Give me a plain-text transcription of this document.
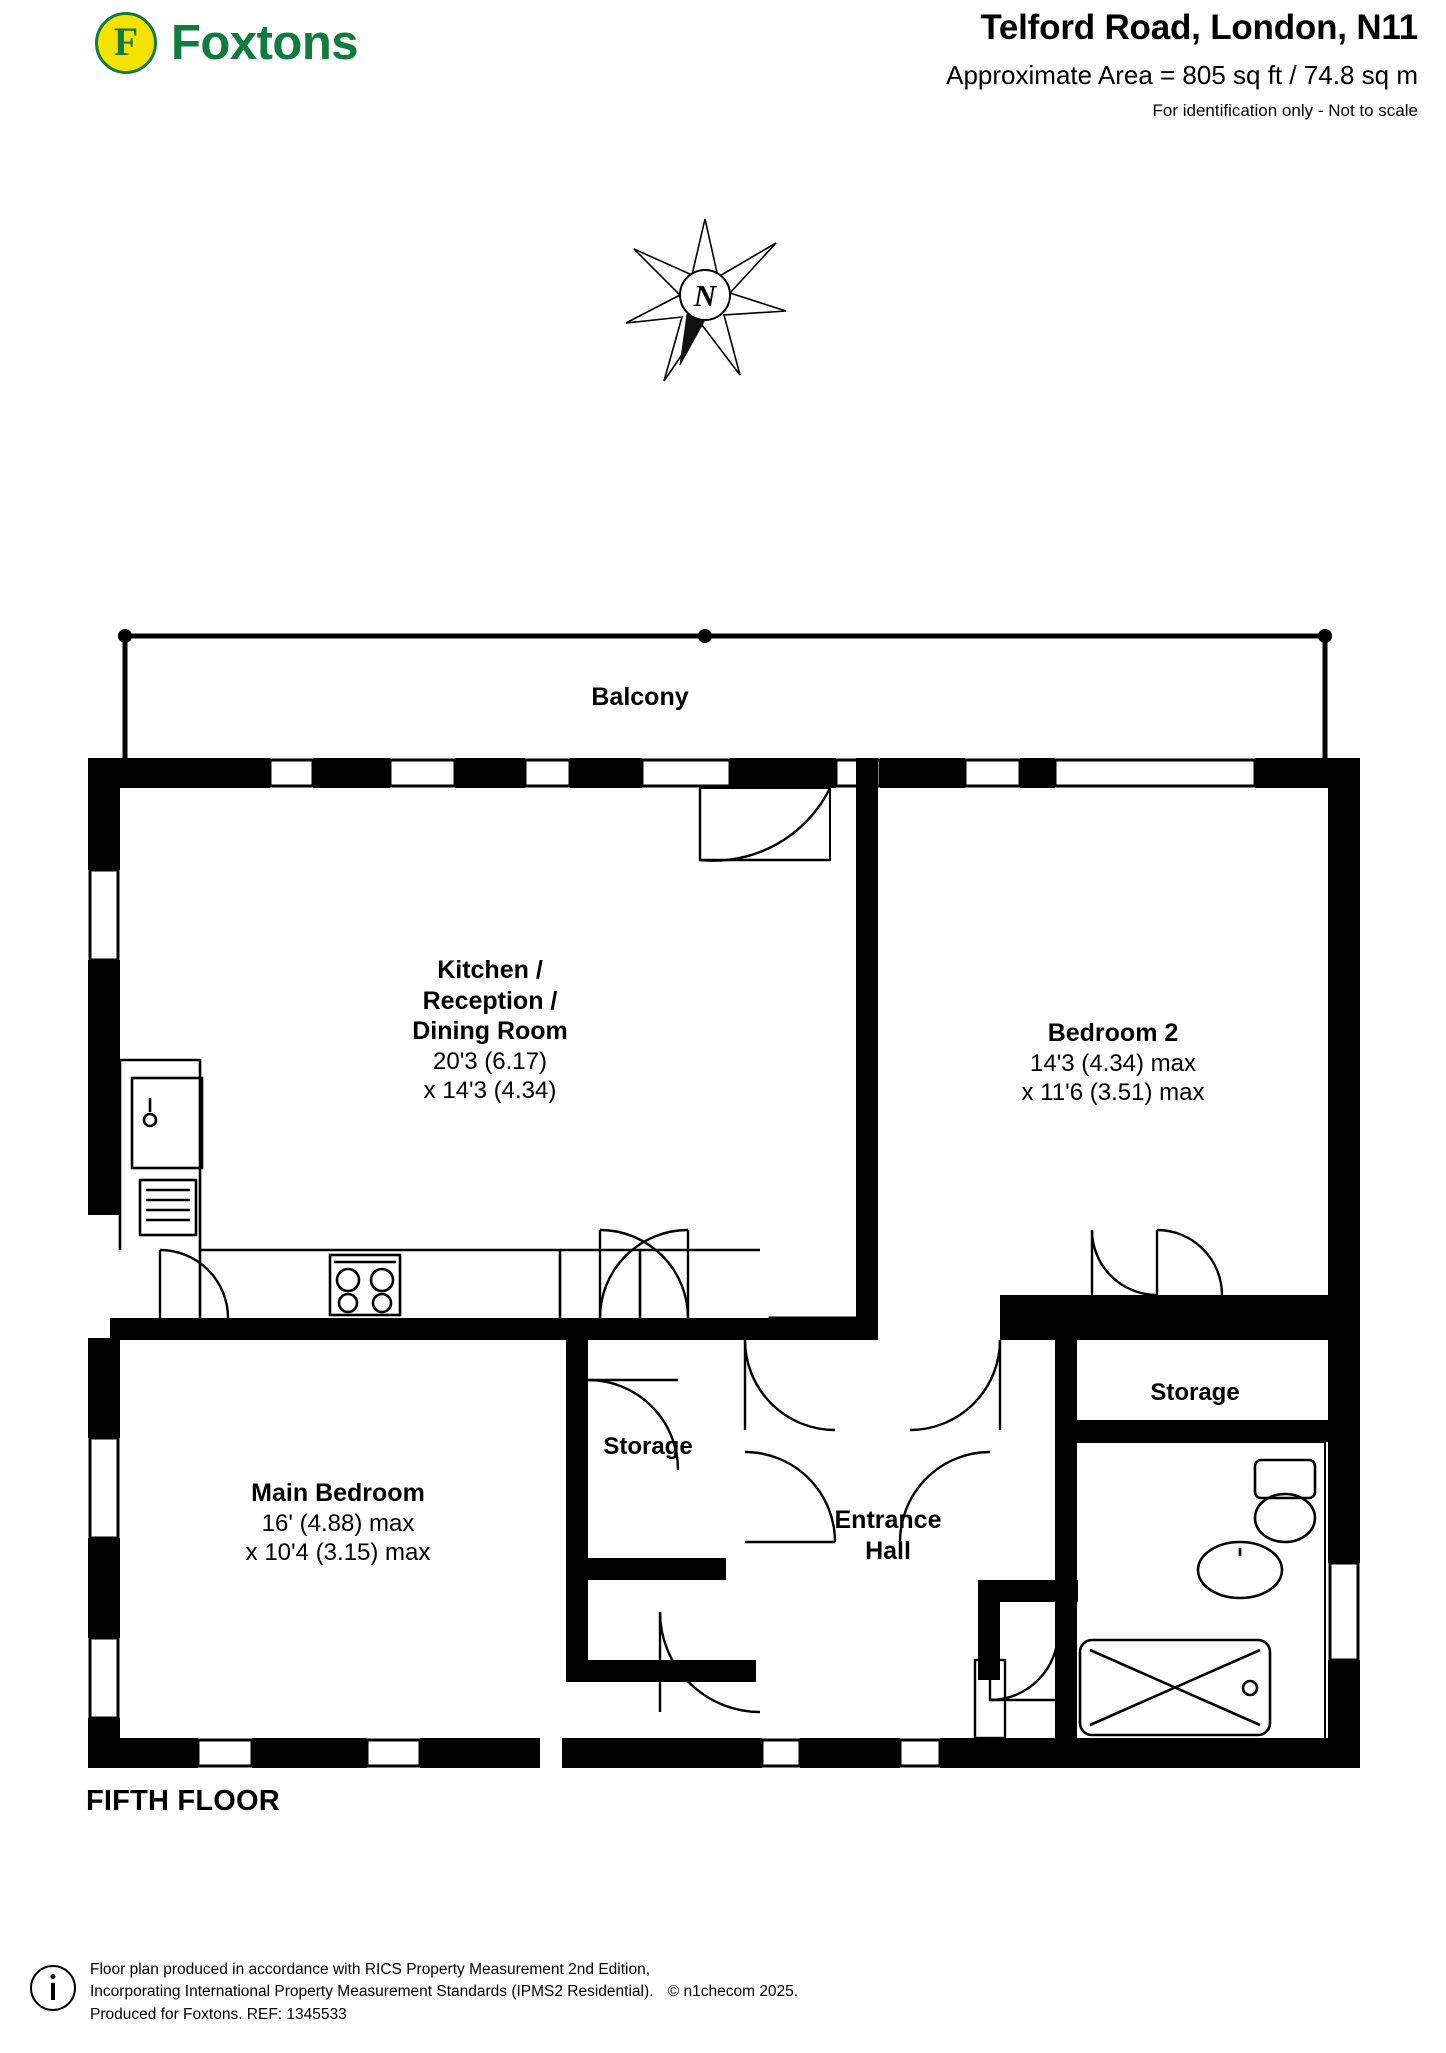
F Foxtons	Telford Road, London, N11
Approximate Area = 805 sq ft / 74.8 sq m
For identification only - Not to scale
N
Balcony
Kitchen /
Reception /
Dining Room
20'3 (6.17)
x 14'3 (4.34)
Bedroom 2
14'3 (4.34) max
x 11'6 (3.51) max
Main Bedroom
16' (4.88) max
x 10'4 (3.15) max
Storage
Storage
Entrance
Hall
FIFTH FLOOR
Floor plan produced in accordance with RICS Property Measurement 2nd Edition,
Incorporating International Property Measurement Standards (IPMS2 Residential). © n1checom 2025.
Produced for Foxtons. REF: 1345533
